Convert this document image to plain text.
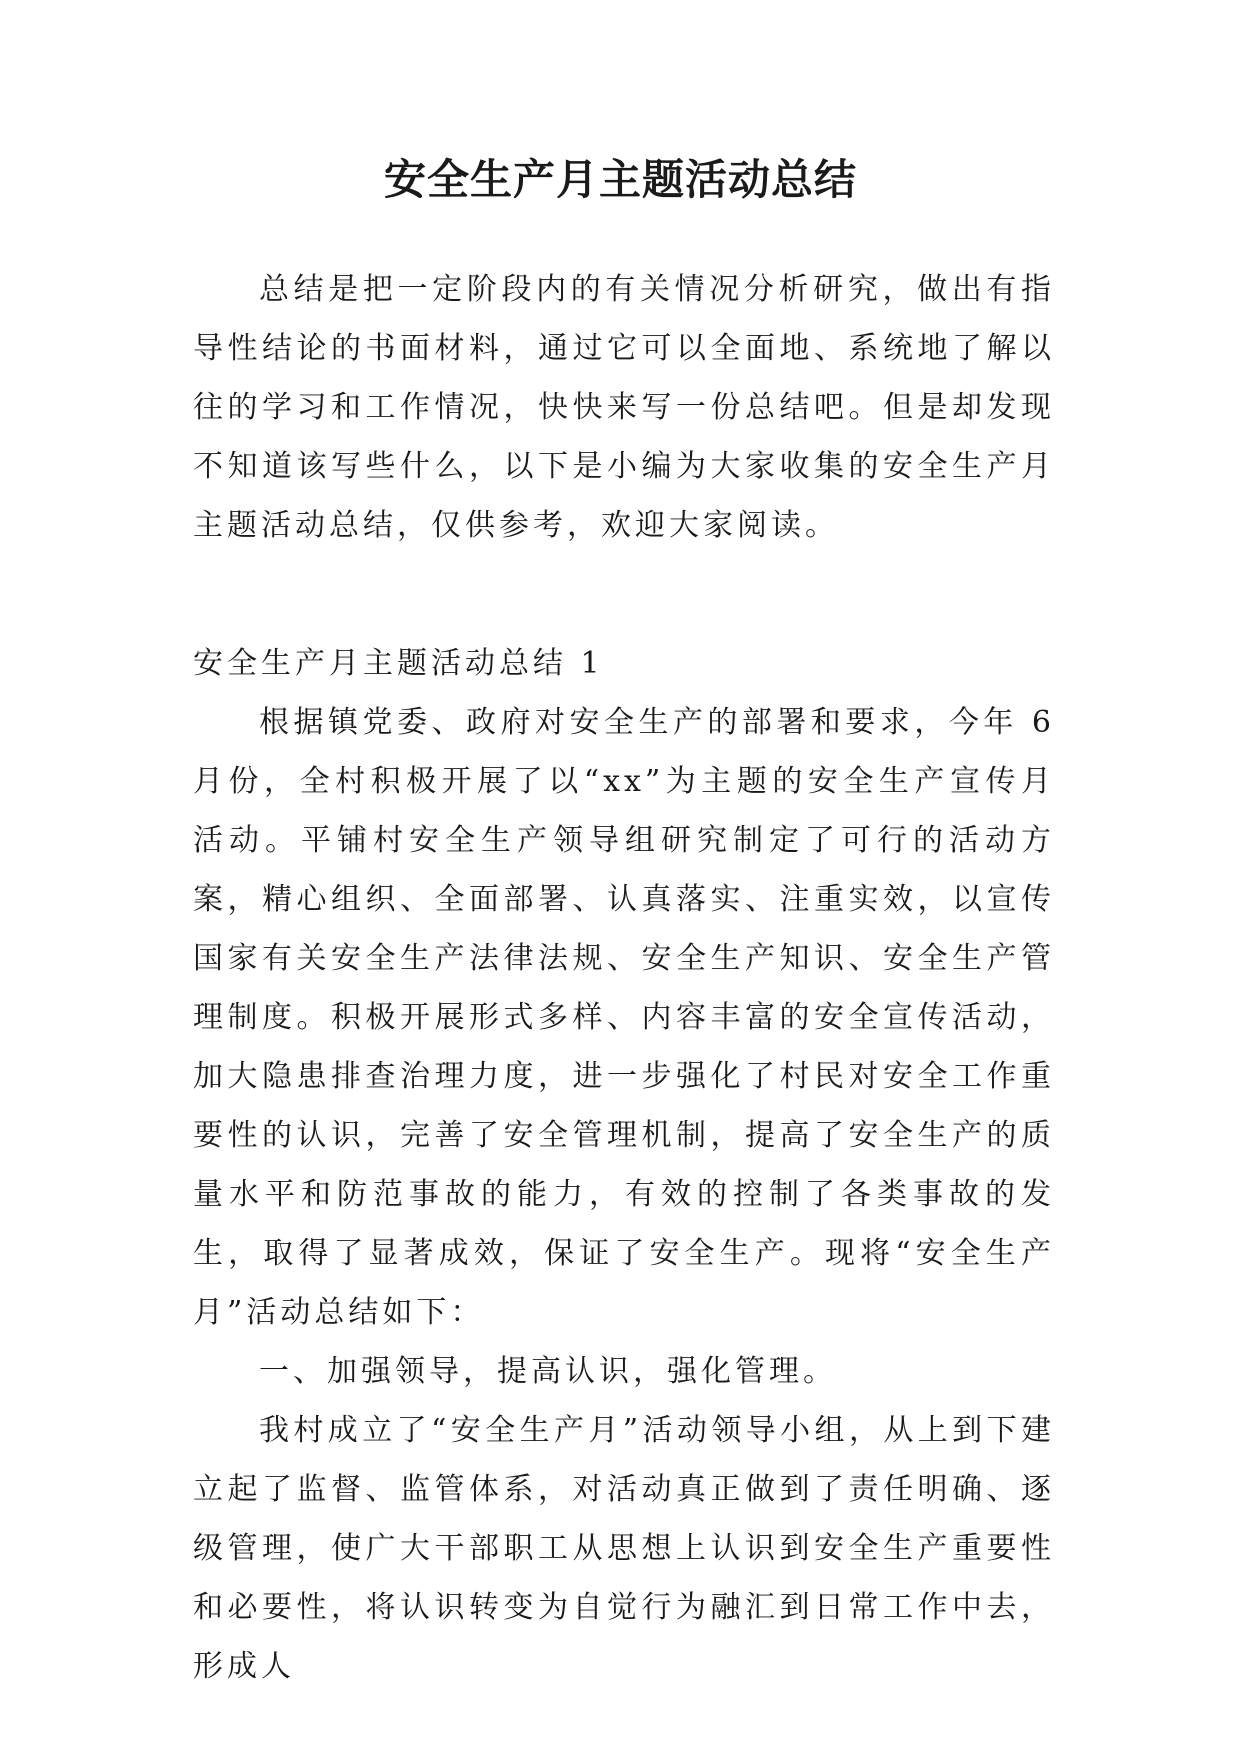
安全生产月主题活动总结

总结是把一定阶段内的有关情况分析研究，做出有指导性结论的书面材料，通过它可以全面地、系统地了解以往的学习和工作情况，快快来写一份总结吧。但是却发现不知道该写些什么，以下是小编为大家收集的安全生产月主题活动总结，仅供参考，欢迎大家阅读。

安全生产月主题活动总结 1

根据镇党委、政府对安全生产的部署和要求，今年 6 月份，全村积极开展了以“xx”为主题的安全生产宣传月活动。平铺村安全生产领导组研究制定了可行的活动方案，精心组织、全面部署、认真落实、注重实效，以宣传国家有关安全生产法律法规、安全生产知识、安全生产管理制度。积极开展形式多样、内容丰富的安全宣传活动，加大隐患排查治理力度，进一步强化了村民对安全工作重要性的认识，完善了安全管理机制，提高了安全生产的质量水平和防范事故的能力，有效的控制了各类事故的发生，取得了显著成效，保证了安全生产。现将“安全生产月”活动总结如下：

一、加强领导，提高认识，强化管理。

我村成立了“安全生产月”活动领导小组，从上到下建立起了监督、监管体系，对活动真正做到了责任明确、逐级管理，使广大干部职工从思想上认识到安全生产重要性和必要性，将认识转变为自觉行为融汇到日常工作中去，形成人
